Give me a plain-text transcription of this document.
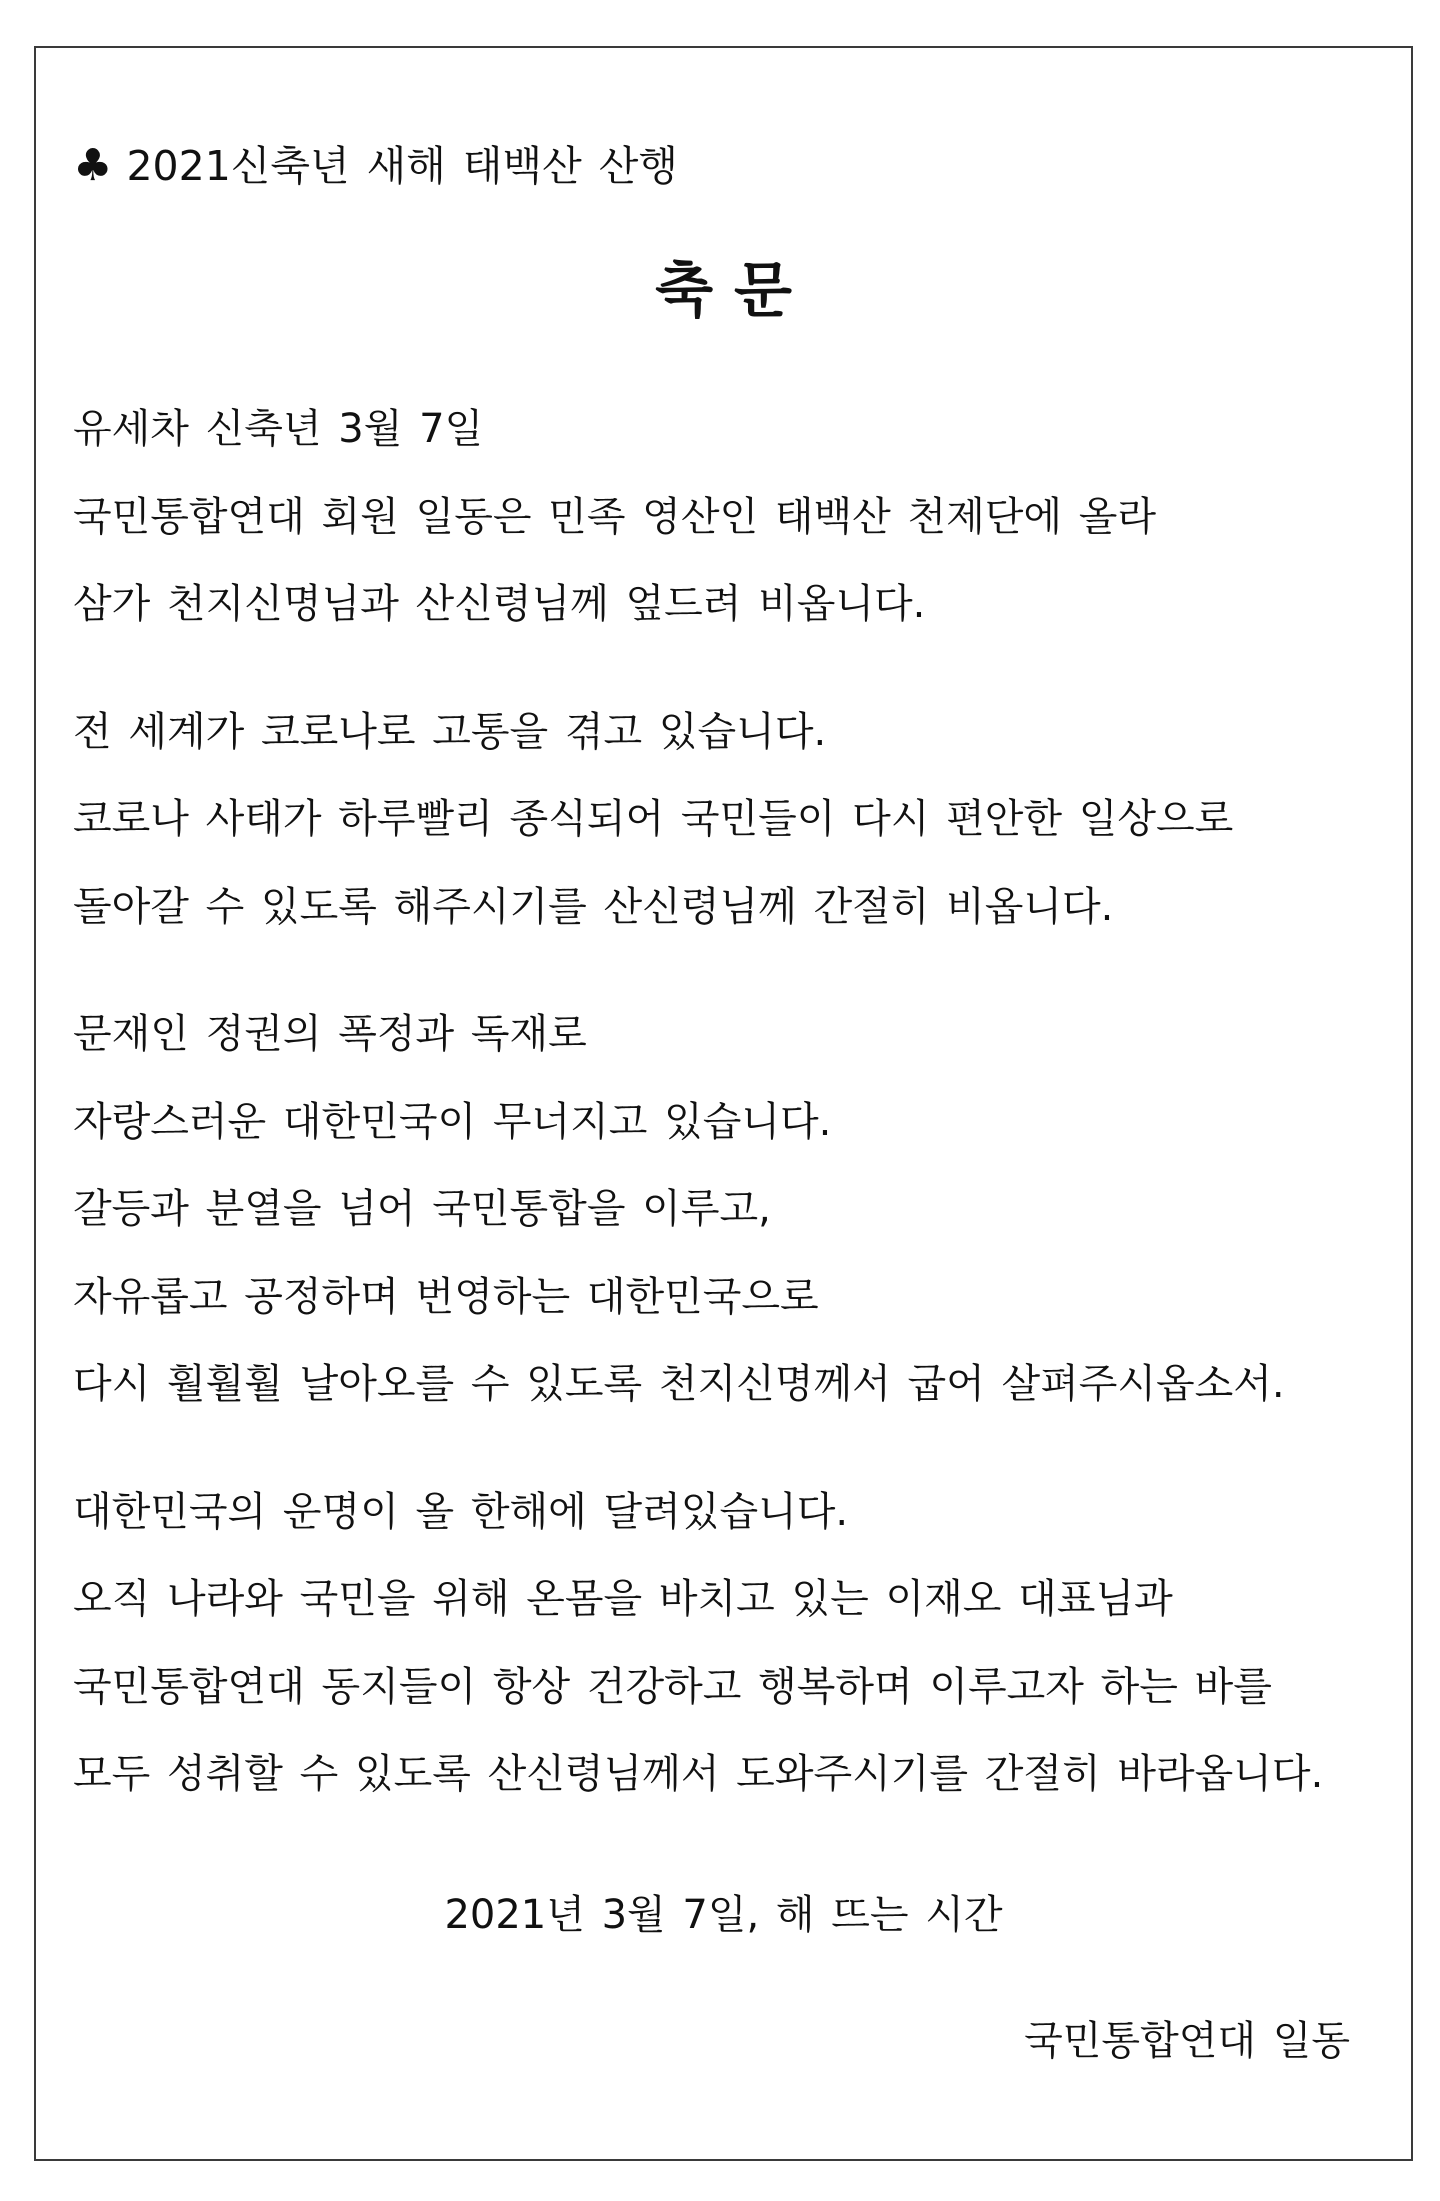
♣ 2021신축년 새해 태백산 산행
축 문
유세차 신축년 3월 7일
국민통합연대 회원 일동은 민족 영산인 태백산 천제단에 올라
삼가 천지신명님과 산신령님께 엎드려 비옵니다.
전 세계가 코로나로 고통을 겪고 있습니다.
코로나 사태가 하루빨리 종식되어 국민들이 다시 편안한 일상으로
돌아갈 수 있도록 해주시기를 산신령님께 간절히 비옵니다.
문재인 정권의 폭정과 독재로
자랑스러운 대한민국이 무너지고 있습니다.
갈등과 분열을 넘어 국민통합을 이루고,
자유롭고 공정하며 번영하는 대한민국으로
다시 훨훨훨 날아오를 수 있도록 천지신명께서 굽어 살펴주시옵소서.
대한민국의 운명이 올 한해에 달려있습니다.
오직 나라와 국민을 위해 온몸을 바치고 있는 이재오 대표님과
국민통합연대 동지들이 항상 건강하고 행복하며 이루고자 하는 바를
모두 성취할 수 있도록 산신령님께서 도와주시기를 간절히 바라옵니다.
2021년 3월 7일, 해 뜨는 시간
국민통합연대 일동
